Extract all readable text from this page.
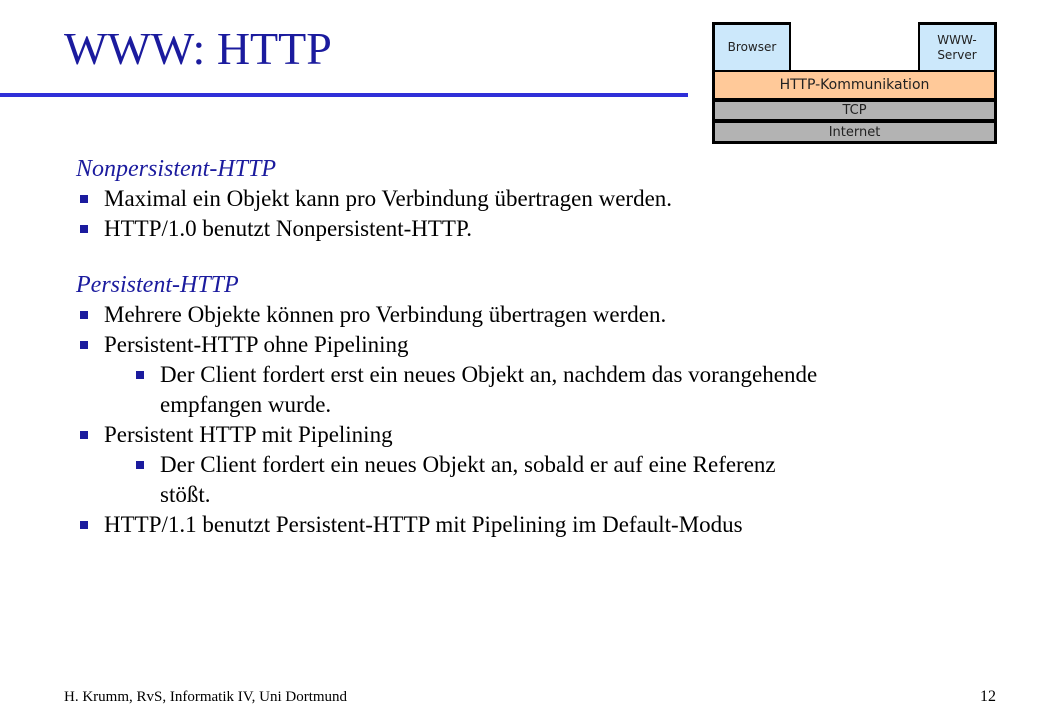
WWW: HTTP	Browser
WWW-
Server
HTTP-Kommunikation
TCP
Internet

Nonpersistent-HTTP

Maximal ein Objekt kann pro Verbindung übertragen werden.
HTTP/1.0 benutzt Nonpersistent-HTTP.

Persistent-HTTP

Mehrere Objekte können pro Verbindung übertragen werden.
Persistent-HTTP ohne Pipelining
Der Client fordert erst ein neues Objekt an, nachdem das vorangehende
empfangen wurde.
Persistent HTTP mit Pipelining
Der Client fordert ein neues Objekt an, sobald er auf eine Referenz
stößt.
HTTP/1.1 benutzt Persistent-HTTP mit Pipelining im Default-Modus
H. Krumm, RvS, Informatik IV, Uni Dortmund	12
